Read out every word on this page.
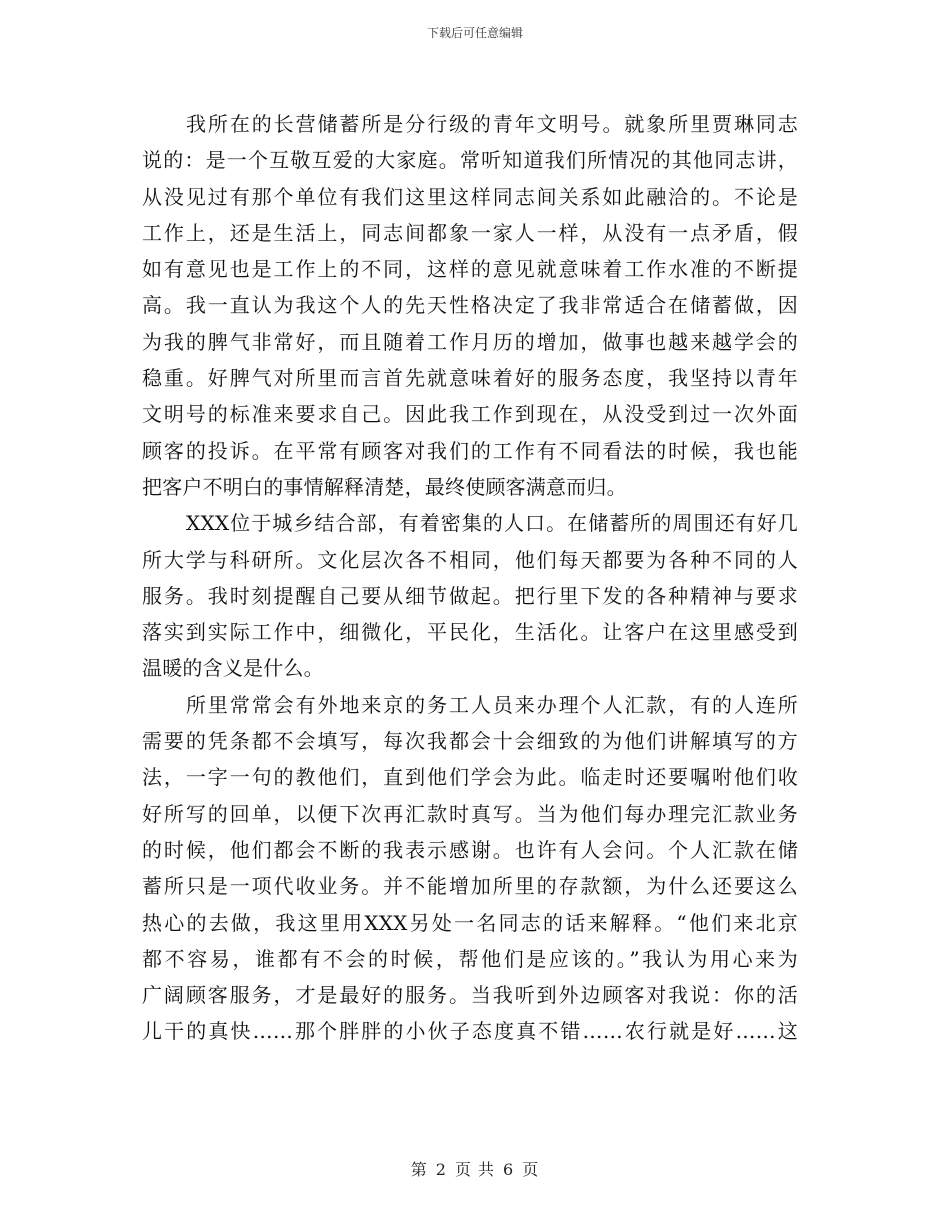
下载后可任意编辑
我所在的长营储蓄所是分行级的青年文明号。就象所里贾琳同志
说的：是一个互敬互爱的大家庭。常听知道我们所情况的其他同志讲，
从没见过有那个单位有我们这里这样同志间关系如此融洽的。不论是
工作上，还是生活上，同志间都象一家人一样，从没有一点矛盾，假
如有意见也是工作上的不同，这样的意见就意味着工作水准的不断提
高。我一直认为我这个人的先天性格决定了我非常适合在储蓄做，因
为我的脾气非常好，而且随着工作月历的增加，做事也越来越学会的
稳重。好脾气对所里而言首先就意味着好的服务态度，我坚持以青年
文明号的标准来要求自己。因此我工作到现在，从没受到过一次外面
顾客的投诉。在平常有顾客对我们的工作有不同看法的时候，我也能
把客户不明白的事情解释清楚，最终使顾客满意而归。
XXX位于城乡结合部，有着密集的人口。在储蓄所的周围还有好几
所大学与科研所。文化层次各不相同，他们每天都要为各种不同的人
服务。我时刻提醒自己要从细节做起。把行里下发的各种精神与要求
落实到实际工作中，细微化，平民化，生活化。让客户在这里感受到
温暖的含义是什么。
所里常常会有外地来京的务工人员来办理个人汇款，有的人连所
需要的凭条都不会填写，每次我都会十会细致的为他们讲解填写的方
法，一字一句的教他们，直到他们学会为此。临走时还要嘱咐他们收
好所写的回单，以便下次再汇款时真写。当为他们每办理完汇款业务
的时候，他们都会不断的我表示感谢。也许有人会问。个人汇款在储
蓄所只是一项代收业务。并不能增加所里的存款额，为什么还要这么
热心的去做，我这里用XXX另处一名同志的话来解释。“他们来北京
都不容易，谁都有不会的时候，帮他们是应该的。”我认为用心来为
广阔顾客服务，才是最好的服务。当我听到外边顾客对我说：你的活
儿干的真快……那个胖胖的小伙子态度真不错……农行就是好……这
第 2 页 共 6 页
